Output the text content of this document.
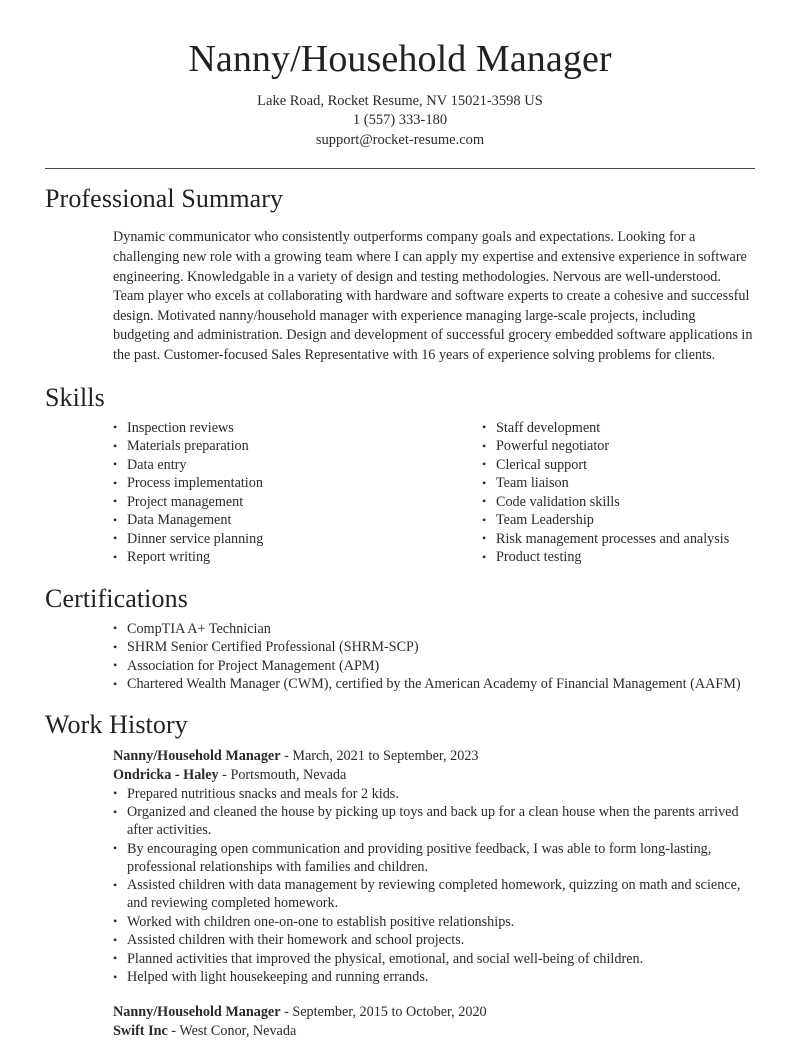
Nanny/Household Manager
Lake Road, Rocket Resume, NV 15021-3598 US
1 (557) 333-180
support@rocket-resume.com
Professional Summary

Dynamic communicator who consistently outperforms company goals and expectations. Looking for a challenging new role with a growing team where I can apply my expertise and extensive experience in software engineering. Knowledgable in a variety of design and testing methodologies. Nervous are well-understood. Team player who excels at collaborating with hardware and software experts to create a cohesive and successful design. Motivated nanny/household manager with experience managing large-scale projects, including budgeting and administration. Design and development of successful grocery embedded software applications in the past. Customer-focused Sales Representative with 16 years of experience solving problems for clients.

Skills
• Inspection reviews
• Materials preparation
• Data entry
• Process implementation
• Project management
• Data Management
• Dinner service planning
• Report writing
• Staff development
• Powerful negotiator
• Clerical support
• Team liaison
• Code validation skills
• Team Leadership
• Risk management processes and analysis
• Product testing
Certifications
• CompTIA A+ Technician
• SHRM Senior Certified Professional (SHRM-SCP)
• Association for Project Management (APM)
• Chartered Wealth Manager (CWM), certified by the American Academy of Financial Management (AAFM)
Work History
Nanny/Household Manager - March, 2021 to September, 2023
Ondricka - Haley - Portsmouth, Nevada
• Prepared nutritious snacks and meals for 2 kids.
• Organized and cleaned the house by picking up toys and back up for a clean house when the parents arrived after activities.
• By encouraging open communication and providing positive feedback, I was able to form long-lasting, professional relationships with families and children.
• Assisted children with data management by reviewing completed homework, quizzing on math and science, and reviewing completed homework.
• Worked with children one-on-one to establish positive relationships.
• Assisted children with their homework and school projects.
• Planned activities that improved the physical, emotional, and social well-being of children.
• Helped with light housekeeping and running errands.
Nanny/Household Manager - September, 2015 to October, 2020
Swift Inc - West Conor, Nevada
